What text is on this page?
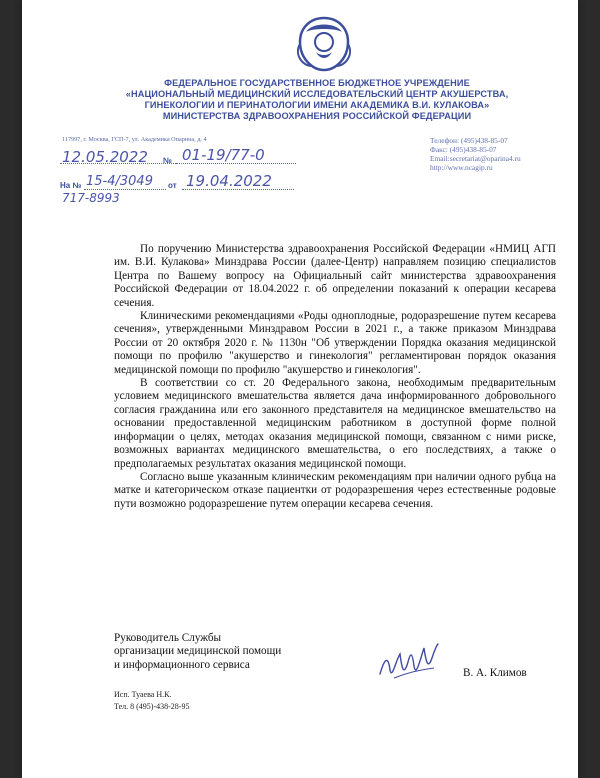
ФЕДЕРАЛЬНОЕ ГОСУДАРСТВЕННОЕ БЮДЖЕТНОЕ УЧРЕЖДЕНИЕ
«НАЦИОНАЛЬНЫЙ МЕДИЦИНСКИЙ ИССЛЕДОВАТЕЛЬСКИЙ ЦЕНТР АКУШЕРСТВА,
ГИНЕКОЛОГИИ И ПЕРИНАТОЛОГИИ ИМЕНИ АКАДЕМИКА В.И. КУЛАКОВА»
МИНИСТЕРСТВА ЗДРАВООХРАНЕНИЯ РОССИЙСКОЙ ФЕДЕРАЦИИ
117997, г. Москва, ГСП-7, ул. Академика Опарина, д. 4	Телефон: (495)438-85-07
Факс: (495)438-85-07
Email:secretariat@oparina4.ru
http://www.ncagip.ru
12.05.2022 № 01-19/77-0
На № 15-4/3049 от 19.04.2022
717-8993

По поручению Министерства здравоохранения Российской Федерации «НМИЦ АГП им. В.И. Кулакова» Минздрава России (далее-Центр) направляем позицию специалистов Центра по Вашему вопросу на Официальный сайт министерства здравоохранения Российской Федерации от 18.04.2022 г. об определении показаний к операции кесарева сечения.

Клиническими рекомендациями «Роды одноплодные, родоразрешение путем кесарева сечения», утвержденными Минздравом России в 2021 г., а также приказом Минздрава России от 20 октября 2020 г. № 1130н "Об утверждении Порядка оказания медицинской помощи по профилю "акушерство и гинекология" регламентирован порядок оказания медицинской помощи по профилю "акушерство и гинекология".

В соответствии со ст. 20 Федерального закона, необходимым предварительным условием медицинского вмешательства является дача информированного добровольного согласия гражданина или его законного представителя на медицинское вмешательство на основании предоставленной медицинским работником в доступной форме полной информации о целях, методах оказания медицинской помощи, связанном с ними риске, возможных вариантах медицинского вмешательства, о его последствиях, а также о предполагаемых результатах оказания медицинской помощи.

Согласно выше указанным клиническим рекомендациям при наличии одного рубца на матке и категорическом отказе пациентки от родоразрешения через естественные родовые пути возможно родоразрешение путем операции кесарева сечения.

Руководитель Службы
организации медицинской помощи
и информационного сервиса
В. А. Климов
Исп. Туаева Н.К.
Тел. 8 (495)-438-28-95
